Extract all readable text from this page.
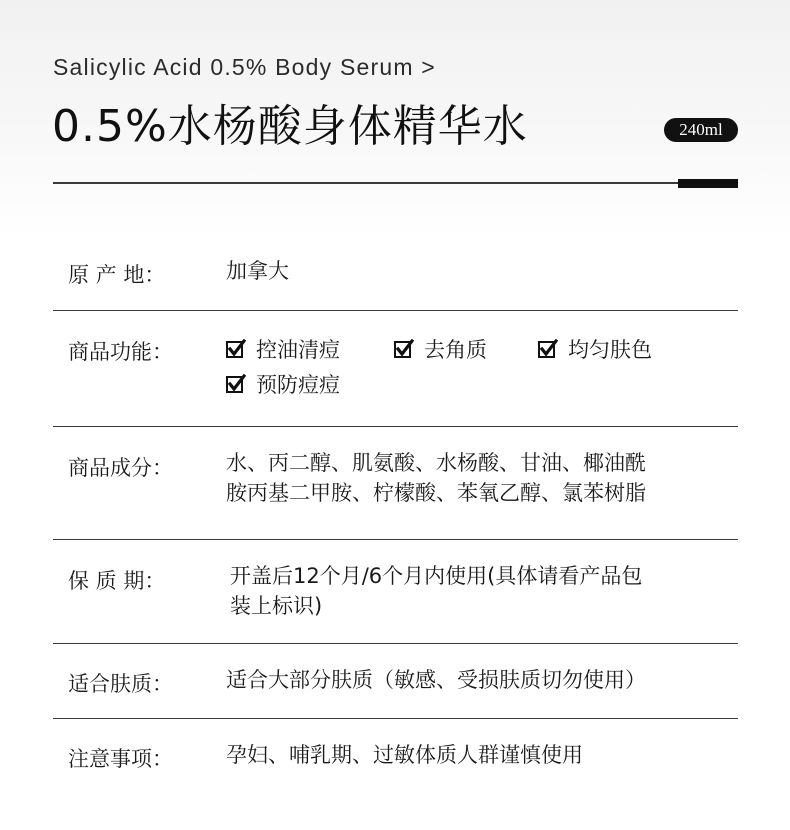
Salicylic Acid 0.5% Body Serum >
0.5%水杨酸身体精华水	240ml
原 产 地：	加拿大
商品功能：	控油清痘	去角质	均匀肤色
预防痘痘
商品成分：	水、丙二醇、肌氨酸、水杨酸、甘油、椰油酰
胺丙基二甲胺、柠檬酸、苯氧乙醇、氯苯树脂
保 质 期：	开盖后12个月/6个月内使用(具体请看产品包
装上标识)
适合肤质：	适合大部分肤质（敏感、受损肤质切勿使用）
注意事项：	孕妇、哺乳期、过敏体质人群谨慎使用
